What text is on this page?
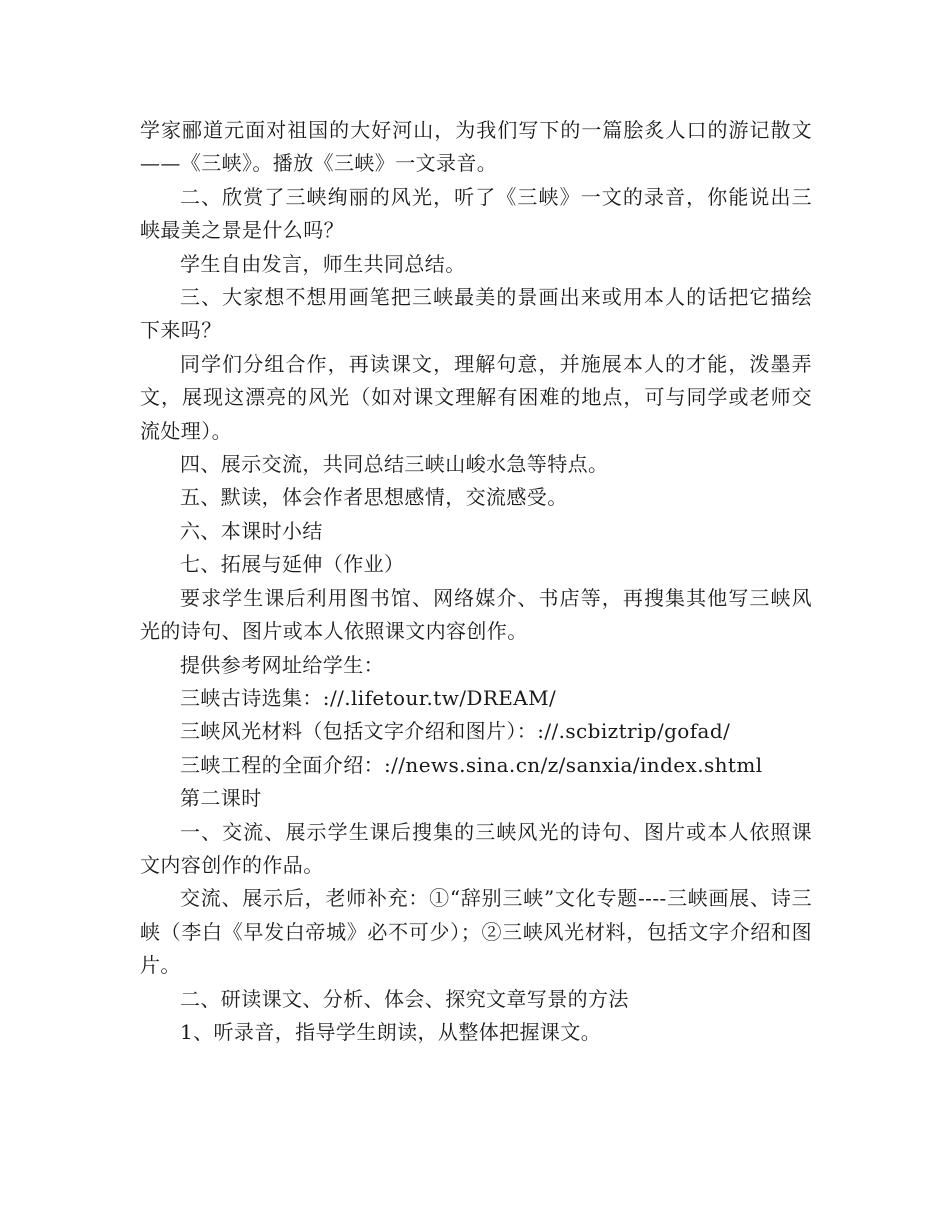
学家郦道元面对祖国的大好河山，为我们写下的一篇脍炙人口的游记散文——《三峡》。播放《三峡》一文录音。

二、欣赏了三峡绚丽的风光，听了《三峡》一文的录音，你能说出三峡最美之景是什么吗？

学生自由发言，师生共同总结。

三、大家想不想用画笔把三峡最美的景画出来或用本人的话把它描绘下来吗？

同学们分组合作，再读课文，理解句意，并施展本人的才能，泼墨弄文，展现这漂亮的风光（如对课文理解有困难的地点，可与同学或老师交流处理）。

四、展示交流，共同总结三峡山峻水急等特点。

五、默读，体会作者思想感情，交流感受。

六、本课时小结

七、拓展与延伸（作业）

要求学生课后利用图书馆、网络媒介、书店等，再搜集其他写三峡风光的诗句、图片或本人依照课文内容创作。

提供参考网址给学生：

三峡古诗选集：://.lifetour.tw/DREAM/

三峡风光材料（包括文字介绍和图片）：://.scbiztrip/gofad/

三峡工程的全面介绍：://news.sina.cn/z/sanxia/index.shtml

第二课时

一、交流、展示学生课后搜集的三峡风光的诗句、图片或本人依照课文内容创作的作品。

交流、展示后，老师补充：①“辞别三峡”文化专题----三峡画展、诗三峡（李白《早发白帝城》必不可少）；②三峡风光材料，包括文字介绍和图片。

二、研读课文、分析、体会、探究文章写景的方法

1、听录音，指导学生朗读，从整体把握课文。
